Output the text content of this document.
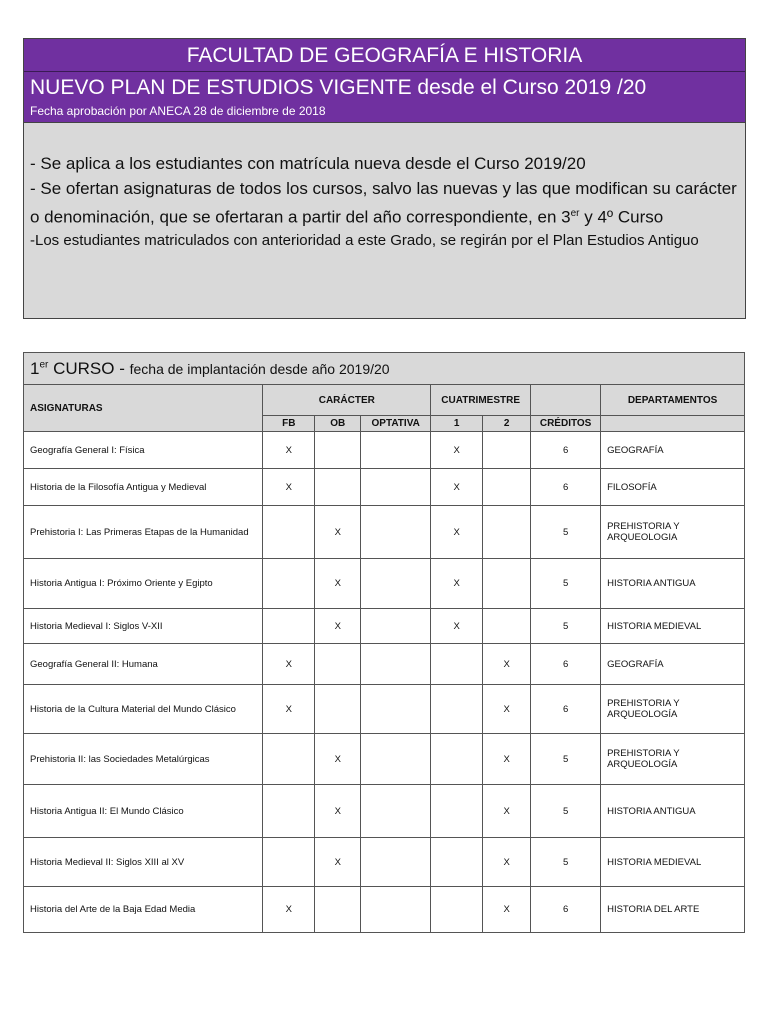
FACULTAD DE GEOGRAFÍA E HISTORIA
NUEVO PLAN DE ESTUDIOS VIGENTE desde el Curso 2019 /20
Fecha aprobación por ANECA 28 de diciembre de 2018
- Se aplica a los estudiantes con matrícula nueva desde el Curso 2019/20
- Se ofertan asignaturas de todos los cursos, salvo las nuevas y las que modifican su carácter o denominación, que se ofertaran a partir del año correspondiente, en 3er y 4º Curso
-Los estudiantes matriculados con anterioridad a este Grado, se regirán por el Plan Estudios Antiguo
1er CURSO - fecha de implantación desde año 2019/20							
ASIGNATURAS	CARÁCTER			CUATRIMESTRE			DEPARTAMENTOS
	FB	OB	OPTATIVA	1	2	CRÉDITOS	
Geografía General I: Física	X			X		6	GEOGRAFÍA
Historia de la Filosofía Antigua y Medieval	X			X		6	FILOSOFÍA
Prehistoria I: Las Primeras Etapas de la Humanidad		X		X		5	PREHISTORIA Y ARQUEOLOGIA
Historia Antigua I: Próximo Oriente y Egipto		X		X		5	HISTORIA ANTIGUA
Historia Medieval I: Siglos V-XII		X		X		5	HISTORIA MEDIEVAL
Geografía General II: Humana	X				X	6	GEOGRAFÍA
Historia de la Cultura Material del Mundo Clásico	X				X	6	PREHISTORIA Y ARQUEOLOGÍA
Prehistoria II: las Sociedades Metalúrgicas		X			X	5	PREHISTORIA Y ARQUEOLOGÍA
Historia Antigua II: El Mundo Clásico		X			X	5	HISTORIA ANTIGUA
Historia Medieval II: Siglos XIII al XV		X			X	5	HISTORIA MEDIEVAL
Historia del Arte de la Baja Edad Media	X				X	6	HISTORIA DEL ARTE
